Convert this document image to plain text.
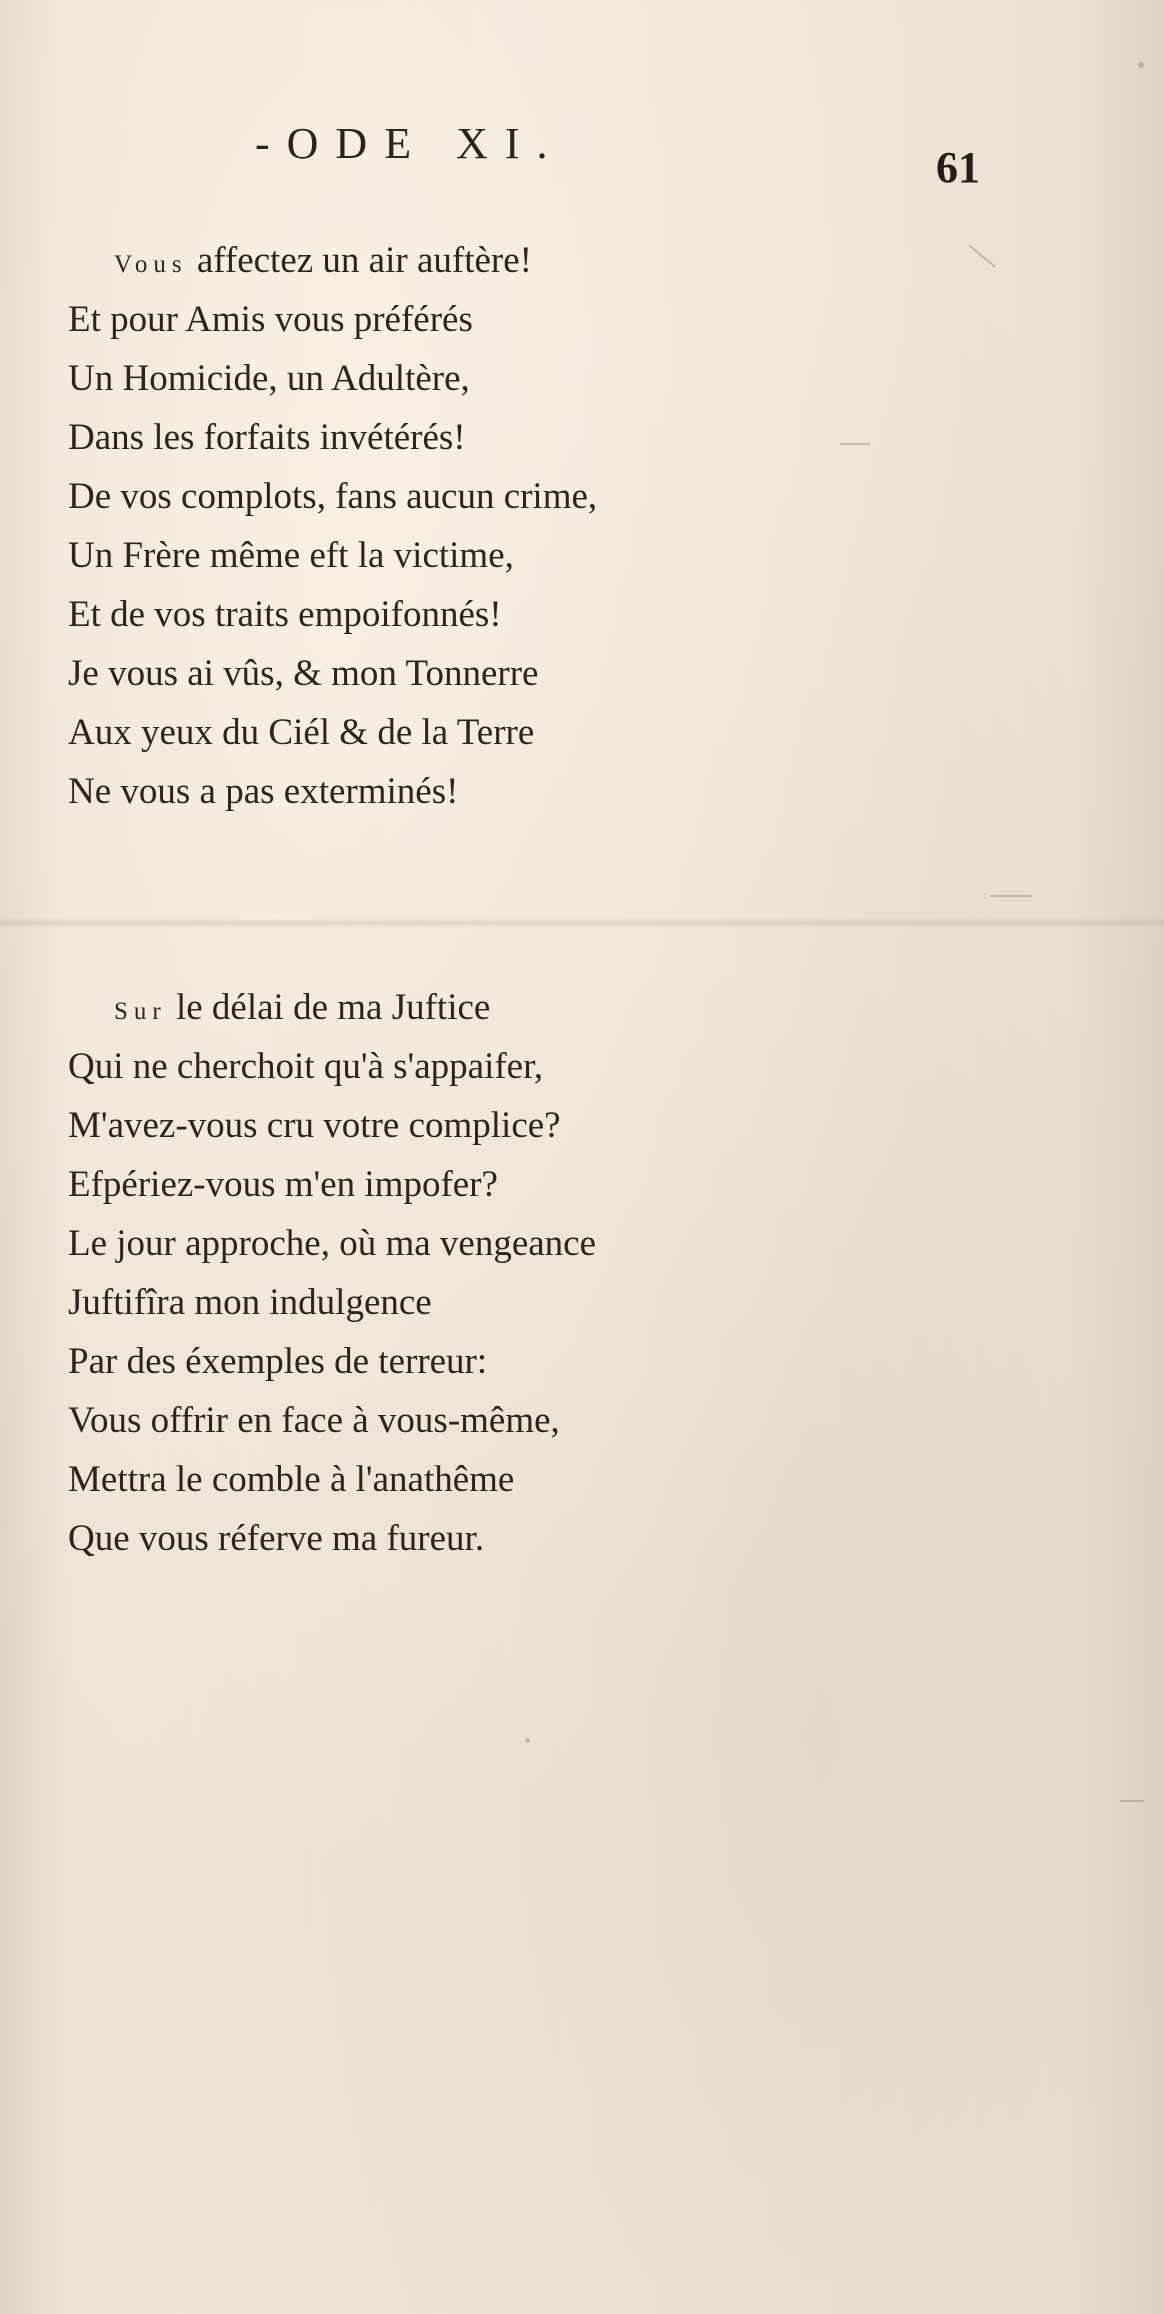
-ODE XI.	61
Vous affectez un air auftère!
Et pour Amis vous préférés
Un Homicide, un Adultère,
Dans les forfaits invétérés!
De vos complots, fans aucun crime,
Un Frère même eft la victime,
Et de vos traits empoifonnés!
Je vous ai vûs, & mon Tonnerre
Aux yeux du Ciél & de la Terre
Ne vous a pas exterminés!
Sur le délai de ma Juftice
Qui ne cherchoit qu'à s'appaifer,
M'avez-vous cru votre complice?
Efpériez-vous m'en impofer?
Le jour approche, où ma vengeance
Juftifîra mon indulgence
Par des éxemples de terreur:
Vous offrir en face à vous-même,
Mettra le comble à l'anathême
Que vous réferve ma fureur.
